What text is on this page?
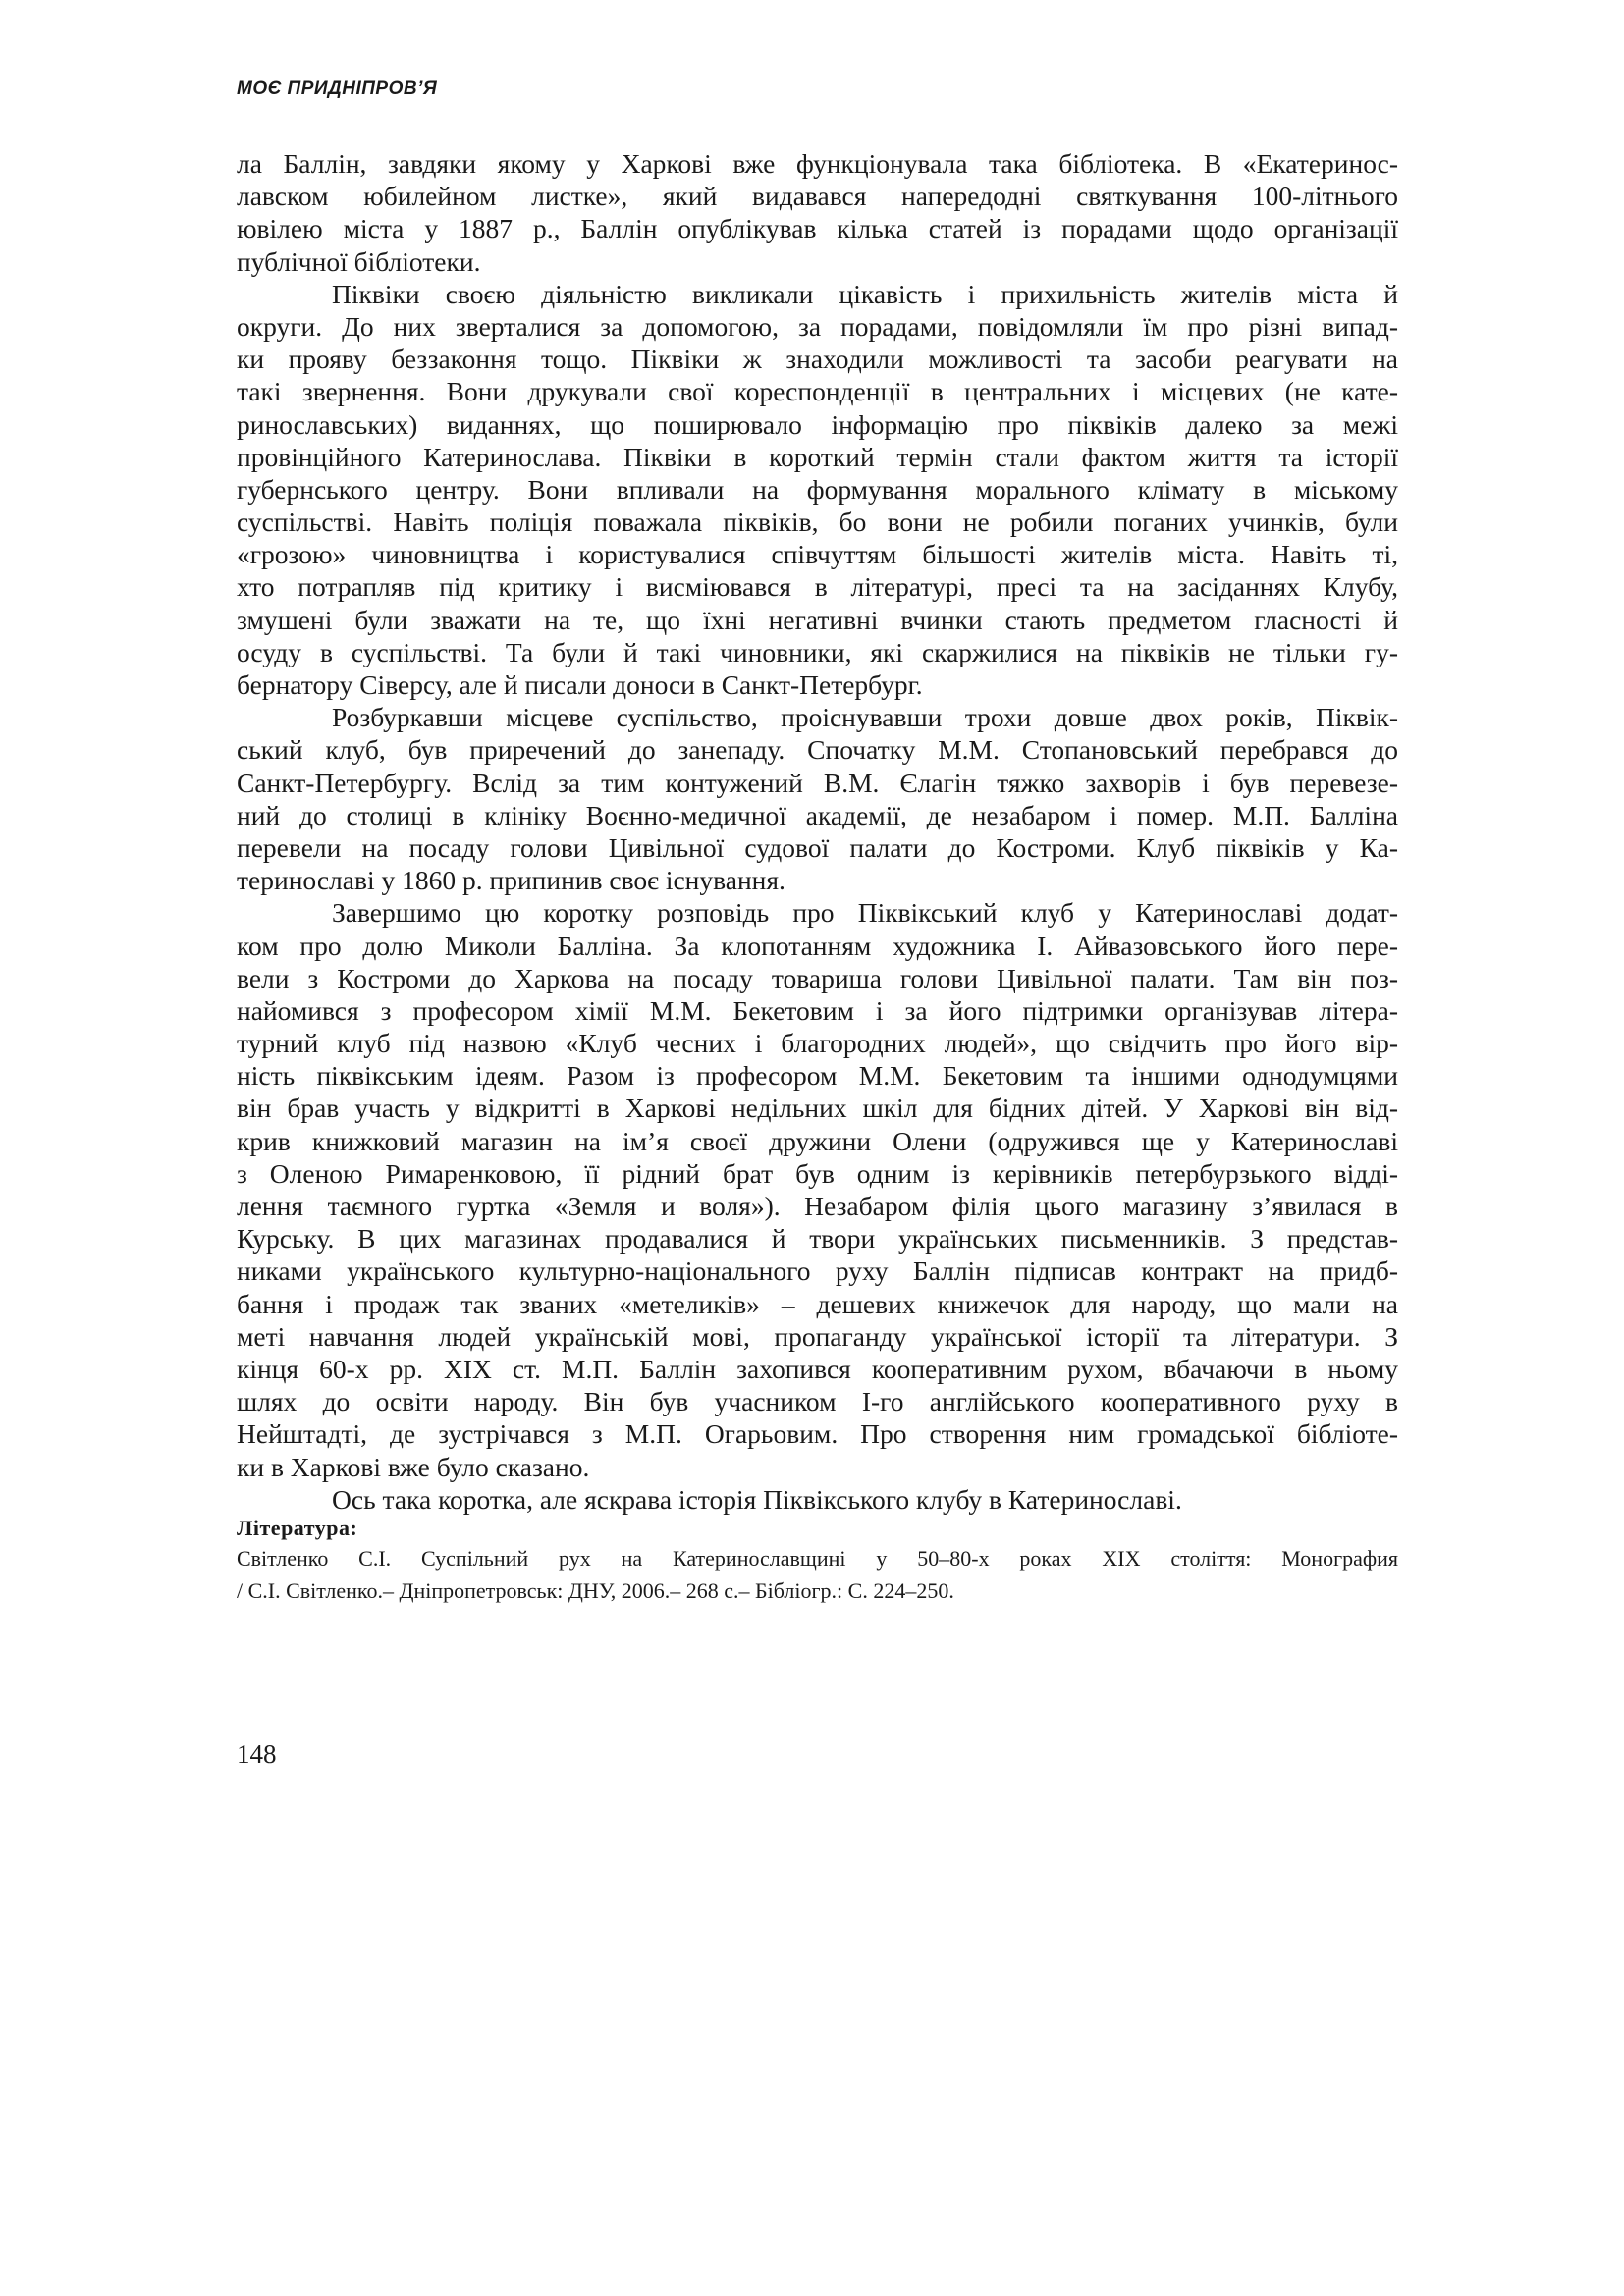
МОЄ ПРИДНІПРОВ’Я
ла Баллін, завдяки якому у Харкові вже функціонувала така бібліотека. В «Екатеринос-
лавском юбилейном листке», який видавався напередодні святкування 100-літнього
ювілею міста у 1887 р., Баллін опублікував кілька статей із порадами щодо організації
публічної бібліотеки.
Піквіки своєю діяльністю викликали цікавість і прихильність жителів міста й
округи. До них зверталися за допомогою, за порадами, повідомляли їм про різні випад-
ки прояву беззаконня тощо. Піквіки ж знаходили можливості та засоби реагувати на
такі звернення. Вони друкували свої кореспонденції в центральних і місцевих (не кате-
ринославських) виданнях, що поширювало інформацію про піквіків далеко за межі
провінційного Катеринослава. Піквіки в короткий термін стали фактом життя та історії
губернського центру. Вони впливали на формування морального клімату в міському
суспільстві. Навіть поліція поважала піквіків, бо вони не робили поганих учинків, були
«грозою» чиновництва і користувалися співчуттям більшості жителів міста. Навіть ті,
хто потрапляв під критику і висміювався в літературі, пресі та на засіданнях Клубу,
змушені були зважати на те, що їхні негативні вчинки стають предметом гласності й
осуду в суспільстві. Та були й такі чиновники, які скаржилися на піквіків не тільки гу-
бернатору Сіверсу, але й писали доноси в Санкт-Петербург.
Розбуркавши місцеве суспільство, проіснувавши трохи довше двох років, Піквік-
ський клуб, був приречений до занепаду. Спочатку М.М. Стопановський перебрався до
Санкт-Петербургу. Вслід за тим контужений В.М. Єлагін тяжко захворів і був перевезе-
ний до столиці в клініку Воєнно-медичної академії, де незабаром і помер. М.П. Балліна
перевели на посаду голови Цивільної судової палати до Костроми. Клуб піквіків у Ка-
теринославі у 1860 р. припинив своє існування.
Завершимо цю коротку розповідь про Піквікський клуб у Катеринославі додат-
ком про долю Миколи Балліна. За клопотанням художника І. Айвазовського його пере-
вели з Костроми до Харкова на посаду товариша голови Цивільної палати. Там він поз-
найомився з професором хімії М.М. Бекетовим і за його підтримки організував літера-
турний клуб під назвою «Клуб чесних і благородних людей», що свідчить про його вір-
ність піквікським ідеям. Разом із професором М.М. Бекетовим та іншими однодумцями
він брав участь у відкритті в Харкові недільних шкіл для бідних дітей. У Харкові він від-
крив книжковий магазин на ім’я своєї дружини Олени (одружився ще у Катеринославі
з Оленою Римаренковою, її рідний брат був одним із керівників петербурзького відді-
лення таємного гуртка «Земля и воля»). Незабаром філія цього магазину з’явилася в
Курську. В цих магазинах продавалися й твори українських письменників. З представ-
никами українського культурно-національного руху Баллін підписав контракт на придб-
бання і продаж так званих «метеликів» – дешевих книжечок для народу, що мали на
меті навчання людей українській мові, пропаганду української історії та літератури. З
кінця 60-х рр. XIX ст. М.П. Баллін захопився кооперативним рухом, вбачаючи в ньому
шлях до освіти народу. Він був учасником І-го англійського кооперативного руху в
Нейштадті, де зустрічався з М.П. Огарьовим. Про створення ним громадської бібліоте-
ки в Харкові вже було сказано.
Ось така коротка, але яскрава історія Піквікського клубу в Катеринославі.
Література:
Світленко С.І. Суспільний рух на Катеринославщині у 50–80-х роках XIX століття: Монография
/ С.І. Світленко.– Дніпропетровськ: ДНУ, 2006.– 268 с.– Бібліогр.: С. 224–250.
148
